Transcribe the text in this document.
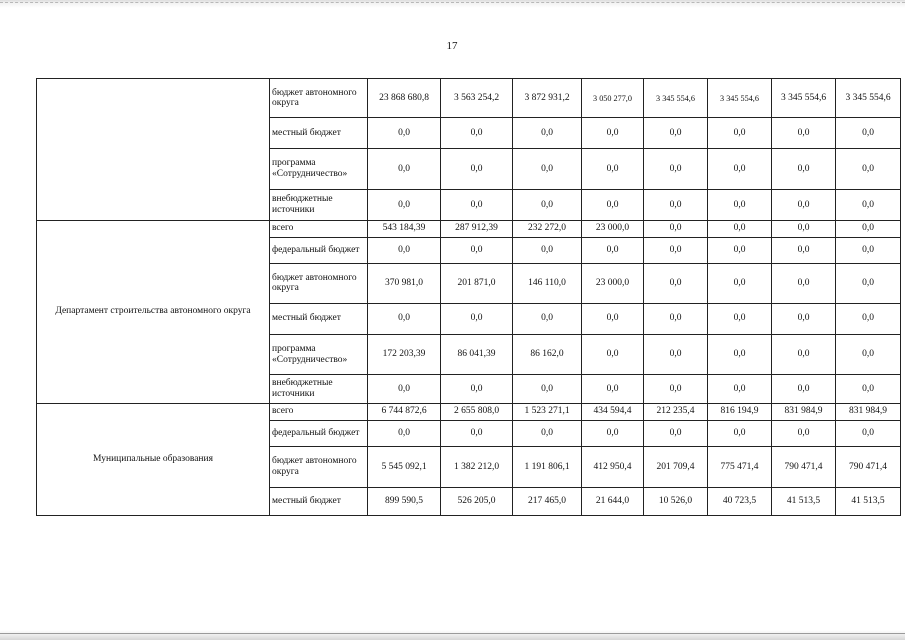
17
	бюджет автономного округа	23 868 680,8	3 563 254,2	3 872 931,2	3 050 277,0	3 345 554,6	3 345 554,6	3 345 554,6	3 345 554,6
	местный бюджет	0,0	0,0	0,0	0,0	0,0	0,0	0,0	0,0
	программа «Сотрудничество»	0,0	0,0	0,0	0,0	0,0	0,0	0,0	0,0
	внебюджетные источники	0,0	0,0	0,0	0,0	0,0	0,0	0,0	0,0
Департамент строительства автономного округа	всего	543 184,39	287 912,39	232 272,0	23 000,0	0,0	0,0	0,0	0,0
	федеральный бюджет	0,0	0,0	0,0	0,0	0,0	0,0	0,0	0,0
	бюджет автономного округа	370 981,0	201 871,0	146 110,0	23 000,0	0,0	0,0	0,0	0,0
	местный бюджет	0,0	0,0	0,0	0,0	0,0	0,0	0,0	0,0
	программа «Сотрудничество»	172 203,39	86 041,39	86 162,0	0,0	0,0	0,0	0,0	0,0
	внебюджетные источники	0,0	0,0	0,0	0,0	0,0	0,0	0,0	0,0
Муниципальные образования	всего	6 744 872,6	2 655 808,0	1 523 271,1	434 594,4	212 235,4	816 194,9	831 984,9	831 984,9
	федеральный бюджет	0,0	0,0	0,0	0,0	0,0	0,0	0,0	0,0
	бюджет автономного округа	5 545 092,1	1 382 212,0	1 191 806,1	412 950,4	201 709,4	775 471,4	790 471,4	790 471,4
	местный бюджет	899 590,5	526 205,0	217 465,0	21 644,0	10 526,0	40 723,5	41 513,5	41 513,5
